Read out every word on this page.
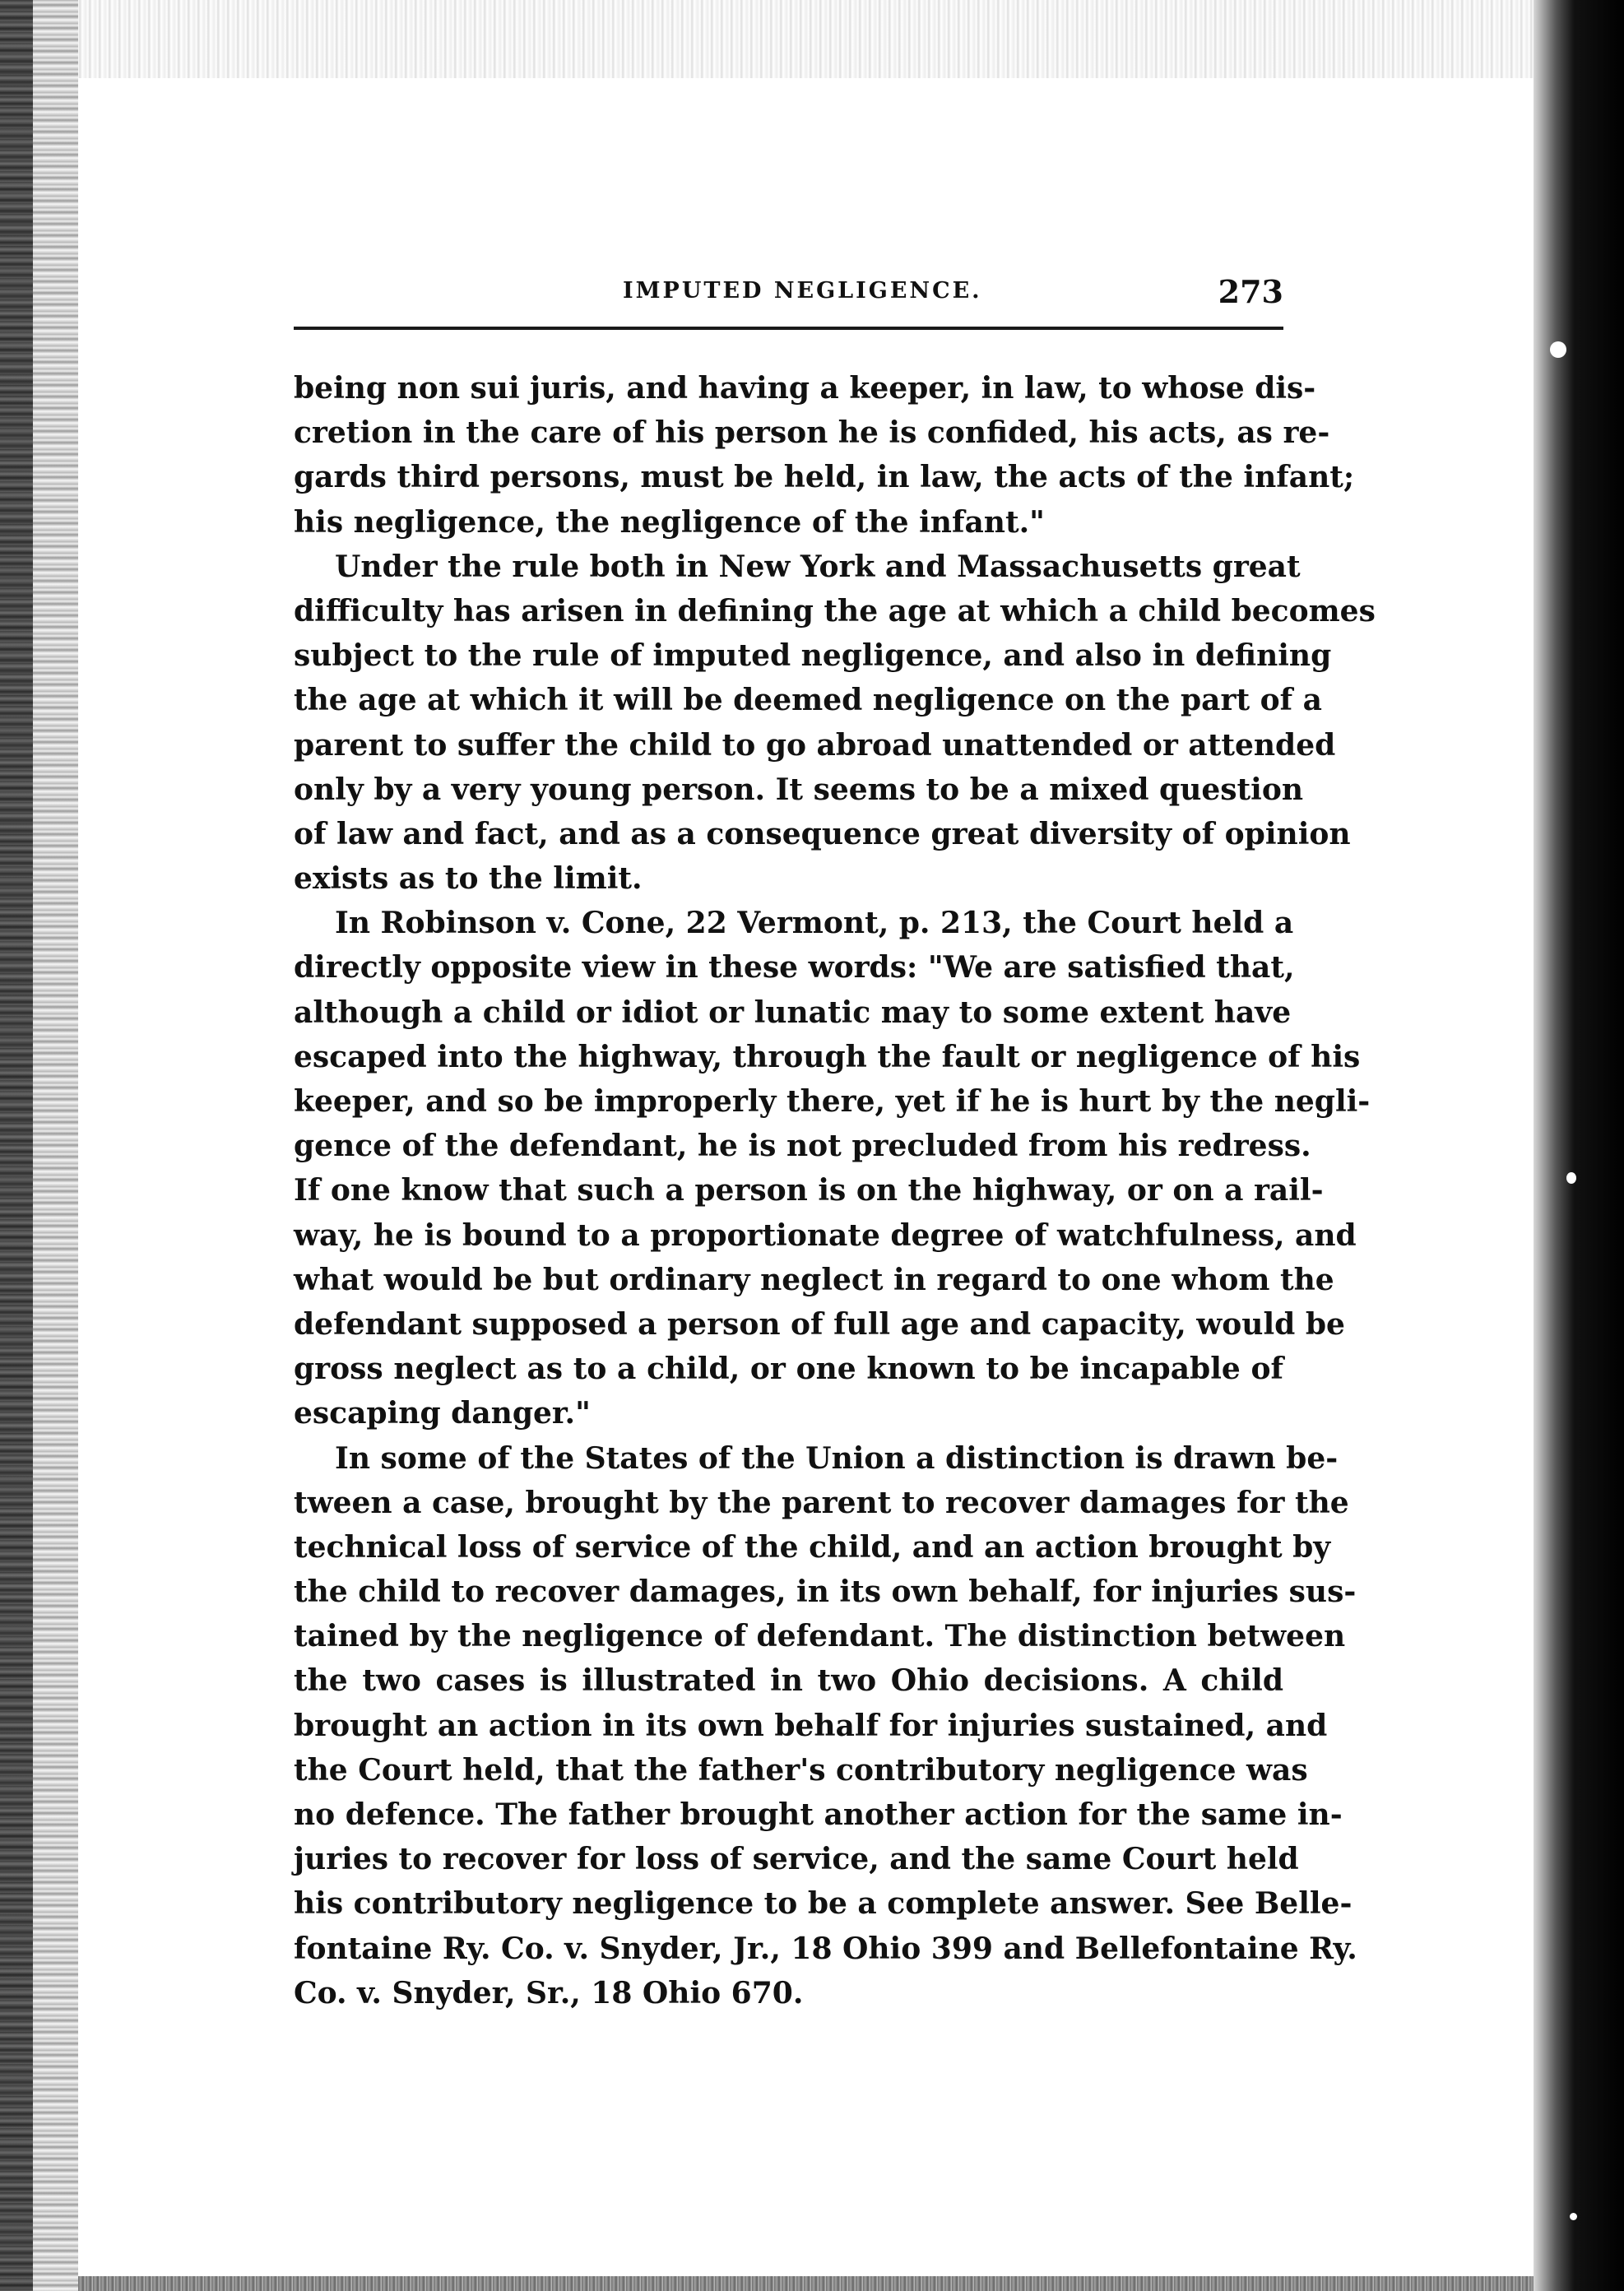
IMPUTED NEGLIGENCE.	273
being non sui juris, and having a keeper, in law, to whose dis-
cretion in the care of his person he is confided, his acts, as re-
gards third persons, must be held, in law, the acts of the infant;
his negligence, the negligence of the infant."
Under the rule both in New York and Massachusetts great
difficulty has arisen in defining the age at which a child becomes
subject to the rule of imputed negligence, and also in defining
the age at which it will be deemed negligence on the part of a
parent to suffer the child to go abroad unattended or attended
only by a very young person. It seems to be a mixed question
of law and fact, and as a consequence great diversity of opinion
exists as to the limit.
In Robinson v. Cone, 22 Vermont, p. 213, the Court held a
directly opposite view in these words: "We are satisfied that,
although a child or idiot or lunatic may to some extent have
escaped into the highway, through the fault or negligence of his
keeper, and so be improperly there, yet if he is hurt by the negli-
gence of the defendant, he is not precluded from his redress.
If one know that such a person is on the highway, or on a rail-
way, he is bound to a proportionate degree of watchfulness, and
what would be but ordinary neglect in regard to one whom the
defendant supposed a person of full age and capacity, would be
gross neglect as to a child, or one known to be incapable of
escaping danger."
In some of the States of the Union a distinction is drawn be-
tween a case, brought by the parent to recover damages for the
technical loss of service of the child, and an action brought by
the child to recover damages, in its own behalf, for injuries sus-
tained by the negligence of defendant. The distinction between
the two cases is illustrated in two Ohio decisions. A child
brought an action in its own behalf for injuries sustained, and
the Court held, that the father's contributory negligence was
no defence. The father brought another action for the same in-
juries to recover for loss of service, and the same Court held
his contributory negligence to be a complete answer. See Belle-
fontaine Ry. Co. v. Snyder, Jr., 18 Ohio 399 and Bellefontaine Ry.
Co. v. Snyder, Sr., 18 Ohio 670.
